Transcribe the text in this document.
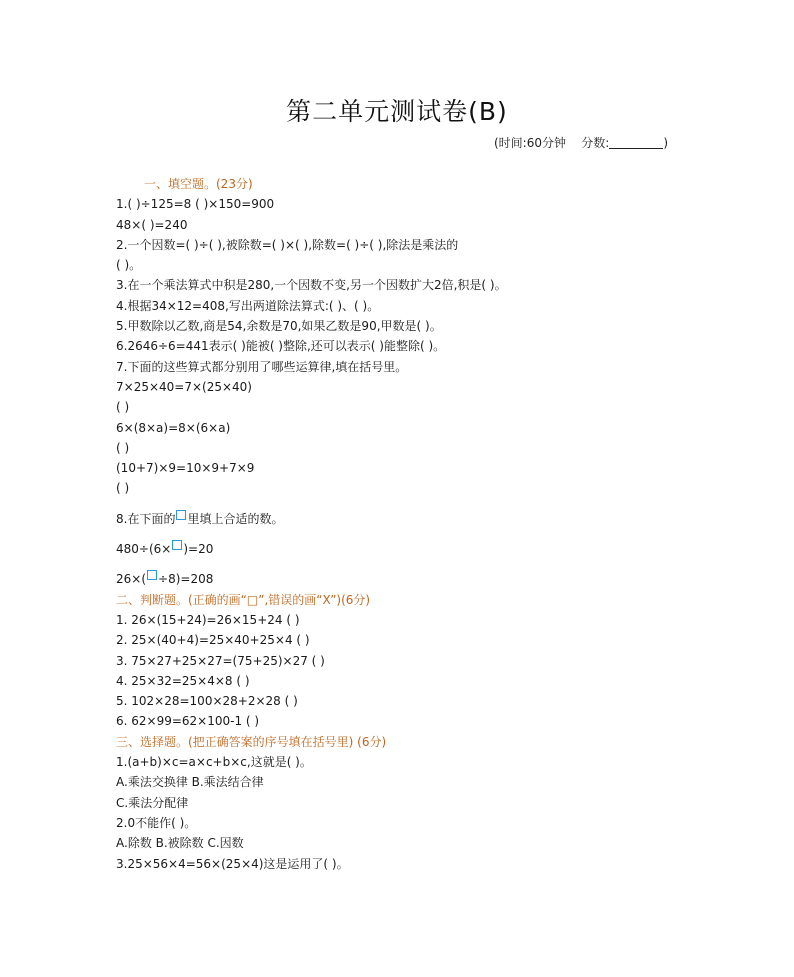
第二单元测试卷(B)
(时间:60分钟 分数:	)
一、填空题。(23分)
1.( )÷125=8 ( )×150=900
48×( )=240
2.一个因数=( )÷( ),被除数=( )×( ),除数=( )÷( ),除法是乘法的
( )。
3.在一个乘法算式中积是280,一个因数不变,另一个因数扩大2倍,积是( )。
4.根据34×12=408,写出两道除法算式:( )、( )。
5.甲数除以乙数,商是54,余数是70,如果乙数是90,甲数是( )。
6.2646÷6=441表示( )能被( )整除,还可以表示( )能整除( )。
7.下面的这些算式都分别用了哪些运算律,填在括号里。
7×25×40=7×(25×40)
( )
6×(8×a)=8×(6×a)
( )
(10+7)×9=10×9+7×9
( )
8.在下面的 里填上合适的数。
480÷(6× )=20
26×( ÷8)=208
二、判断题。(正确的画“□”,错误的画“X”)(6分)
1. 26×(15+24)=26×15+24 ( )
2. 25×(40+4)=25×40+25×4 ( )
3. 75×27+25×27=(75+25)×27 ( )
4. 25×32=25×4×8 ( )
5. 102×28=100×28+2×28 ( )
6. 62×99=62×100-1 ( )
三、选择题。(把正确答案的序号填在括号里) (6分)
1.(a+b)×c=a×c+b×c,这就是( )。
A.乘法交换律 B.乘法结合律
C.乘法分配律
2.0不能作( )。
A.除数 B.被除数 C.因数
3.25×56×4=56×(25×4)这是运用了( )。
